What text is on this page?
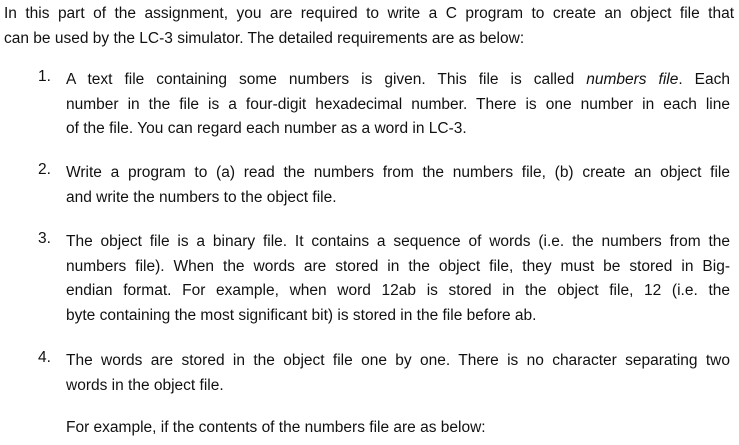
In this part of the assignment, you are required to write a C program to create an object file that
can be used by the LC-3 simulator. The detailed requirements are as below:
1. A text file containing some numbers is given. This file is called numbers file. Each
number in the file is a four-digit hexadecimal number. There is one number in each line
of the file. You can regard each number as a word in LC-3.
2. Write a program to (a) read the numbers from the numbers file, (b) create an object file
and write the numbers to the object file.
3. The object file is a binary file. It contains a sequence of words (i.e. the numbers from the
numbers file). When the words are stored in the object file, they must be stored in Big-
endian format. For example, when word 12ab is stored in the object file, 12 (i.e. the
byte containing the most significant bit) is stored in the file before ab.
4. The words are stored in the object file one by one. There is no character separating two
words in the object file.
For example, if the contents of the numbers file are as below:
